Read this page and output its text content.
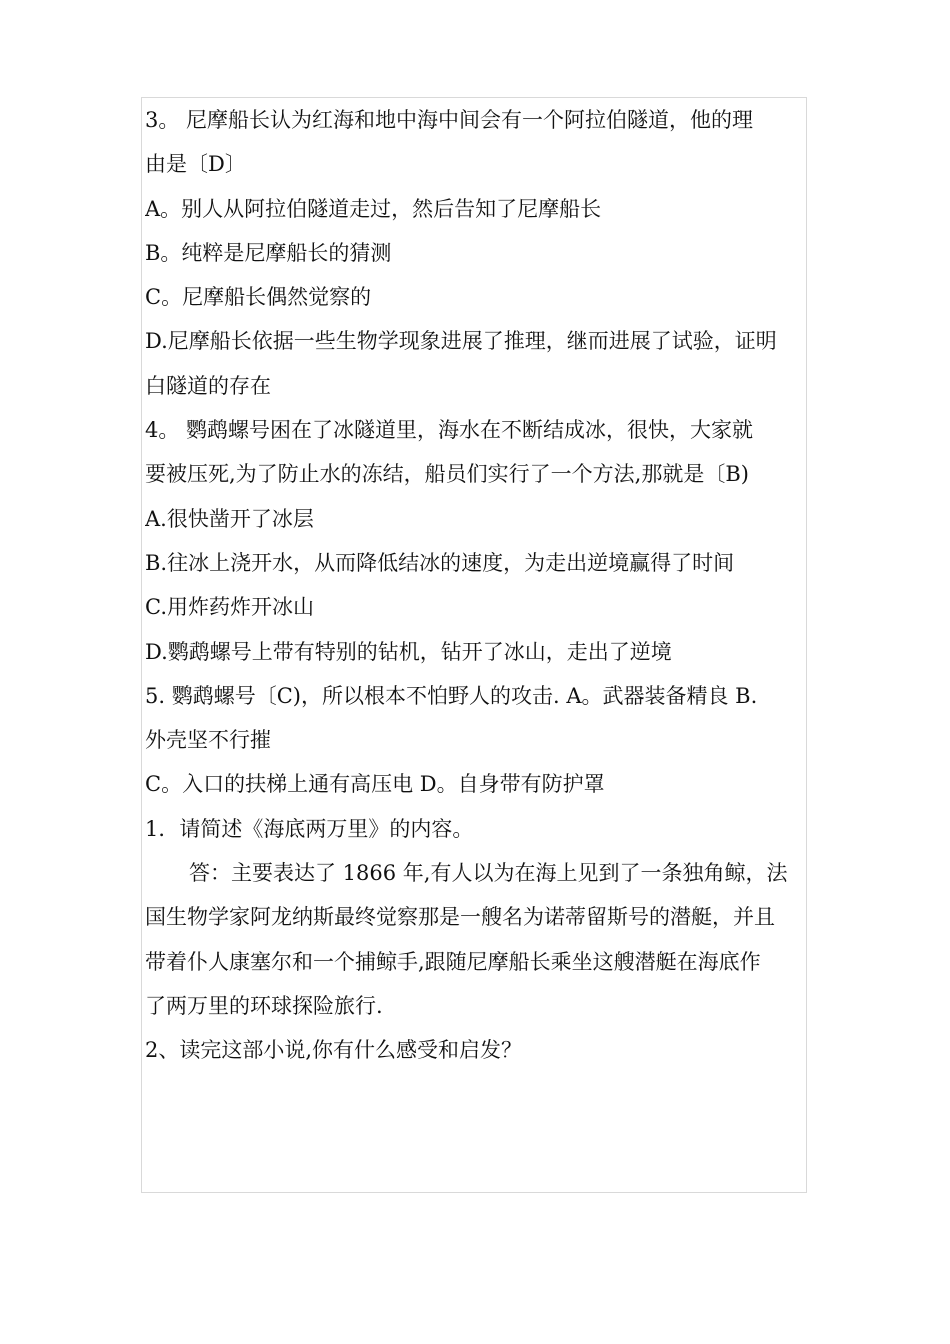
3。 尼摩船长认为红海和地中海中间会有一个阿拉伯隧道，他的理
由是〔D〕
A。别人从阿拉伯隧道走过，然后告知了尼摩船长
B。纯粹是尼摩船长的猜测
C。尼摩船长偶然觉察的
D.尼摩船长依据一些生物学现象进展了推理，继而进展了试验，证明
白隧道的存在
4。 鹦鹉螺号困在了冰隧道里，海水在不断结成冰，很快，大家就
要被压死,为了防止水的冻结，船员们实行了一个方法,那就是〔B)
A.很快凿开了冰层
B.往冰上浇开水，从而降低结冰的速度，为走出逆境赢得了时间
C.用炸药炸开冰山
D.鹦鹉螺号上带有特别的钻机，钻开了冰山，走出了逆境
5. 鹦鹉螺号〔C)，所以根本不怕野人的攻击. A。武器装备精良 B.
外壳坚不行摧
C。入口的扶梯上通有高压电 D。自身带有防护罩
1．请简述《海底两万里》的内容。
答：主要表达了 1866 年,有人以为在海上见到了一条独角鲸，法
国生物学家阿龙纳斯最终觉察那是一艘名为诺蒂留斯号的潜艇，并且
带着仆人康塞尔和一个捕鲸手,跟随尼摩船长乘坐这艘潜艇在海底作
了两万里的环球探险旅行.
2、读完这部小说,你有什么感受和启发？
